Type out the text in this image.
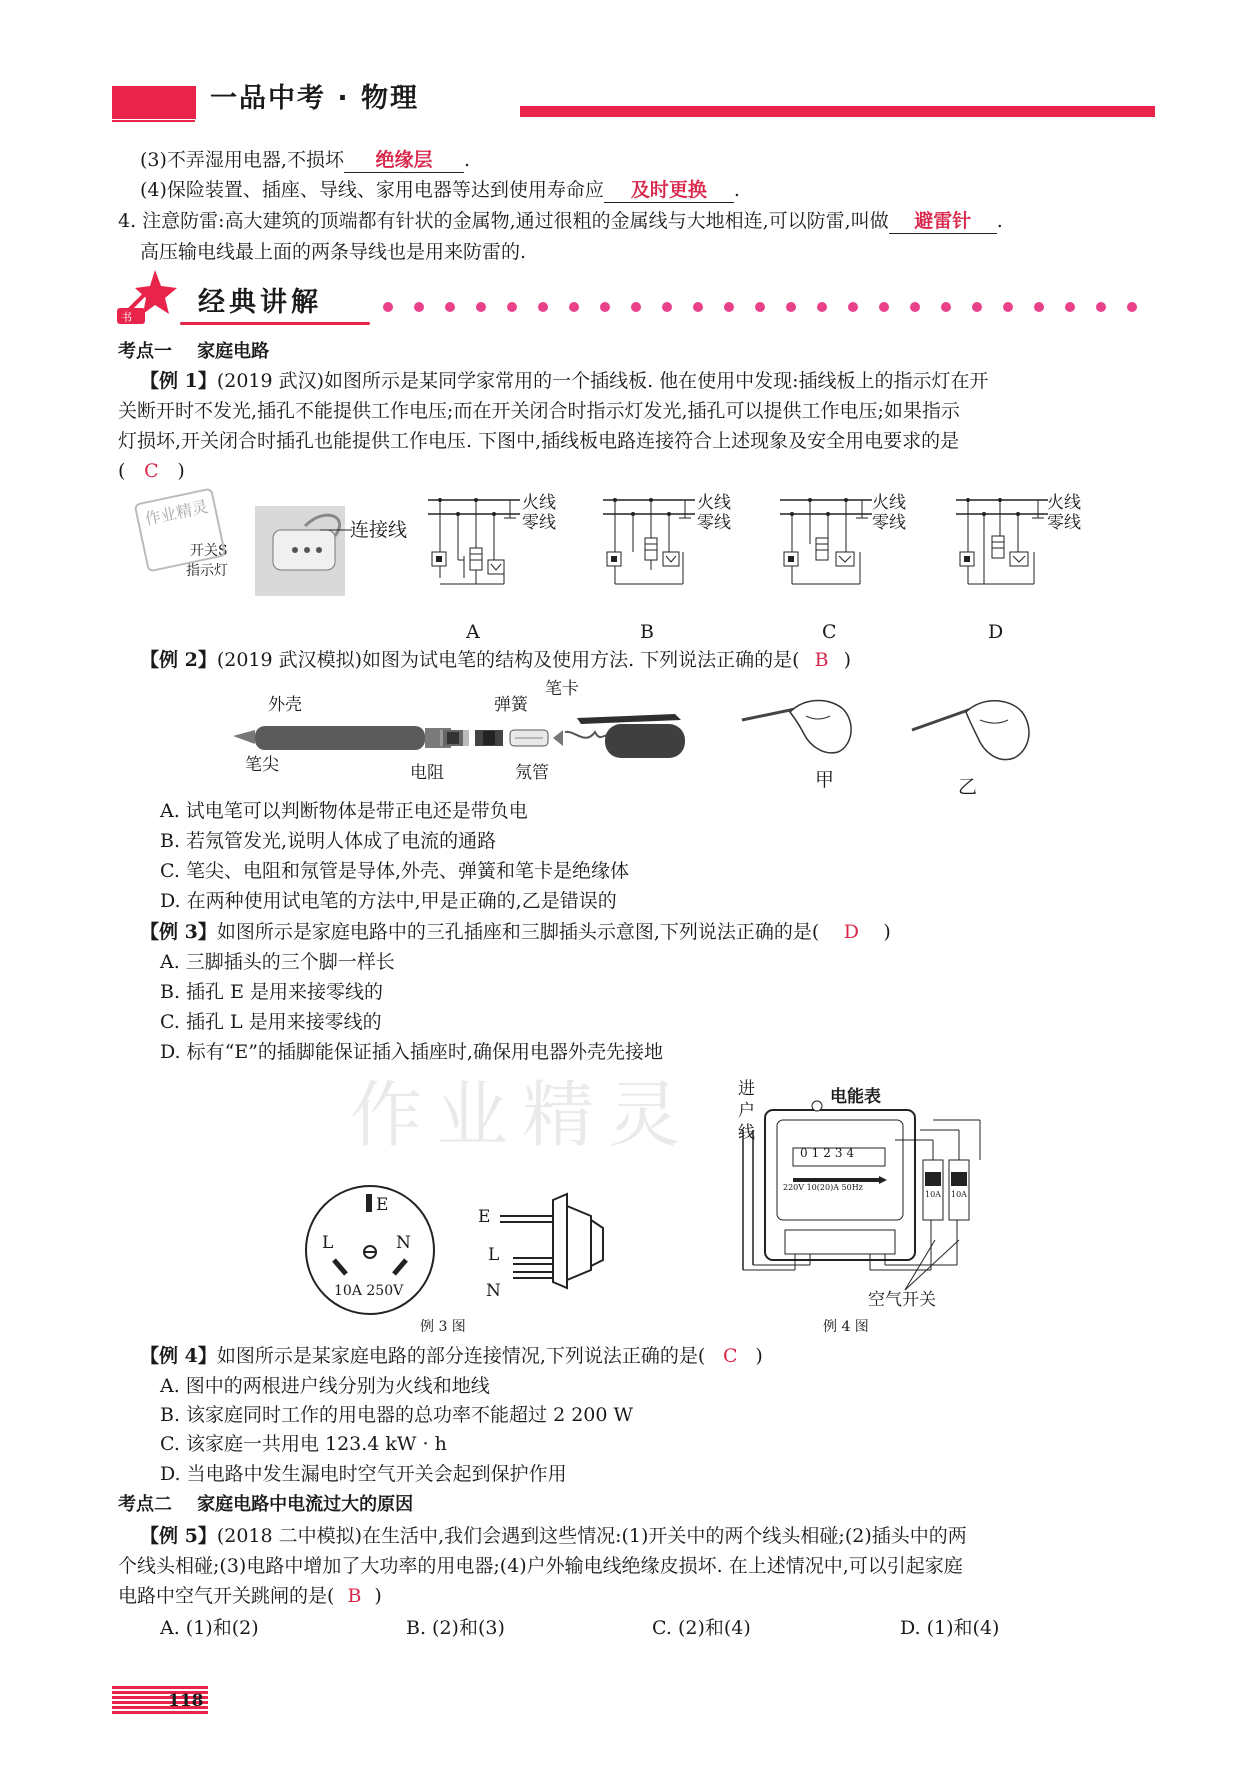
一品中考 · 物理
(3)不弄湿用电器,不损坏 绝缘层 .
(4)保险装置、插座、导线、家用电器等达到使用寿命应 及时更换 .
4. 注意防雷:高大建筑的顶端都有针状的金属物,通过很粗的金属线与大地相连,可以防雷,叫做 避雷针 .
高压输电线最上面的两条导线也是用来防雷的.
书 经典讲解
考点一    家庭电路
【例 1】(2019 武汉)如图所示是某同学家常用的一个插线板. 他在使用中发现:插线板上的指示灯在开
关断开时不发光,插孔不能提供工作电压;而在开关闭合时指示灯发光,插孔可以提供工作电压;如果指示
灯损坏,开关闭合时插孔也能提供工作电压. 下图中,插线板电路连接符合上述现象及安全用电要求的是
( C )
连接线
开关S
指示灯
作业精灵	火线
零线
火线
零线
火线
零线
火线
零线
A	B	C	D
【例 2】(2019 武汉模拟)如图为试电笔的结构及使用方法. 下列说法正确的是( B )
外壳	弹簧
笔卡
笔尖	电阻	氖管	甲	乙
A. 试电笔可以判断物体是带正电还是带负电
B. 若氖管发光,说明人体成了电流的通路
C. 笔尖、电阻和氖管是导体,外壳、弹簧和笔卡是绝缘体
D. 在两种使用试电笔的方法中,甲是正确的,乙是错误的
【例 3】如图所示是家庭电路中的三孔插座和三脚插头示意图,下列说法正确的是( D )
A. 三脚插头的三个脚一样长
B. 插孔 E 是用来接零线的
C. 插孔 L 是用来接零线的
D. 标有“E”的插脚能保证插入插座时,确保用电器外壳先接地
作业精灵
E
L	N
10A 250V
E
L
N
例 3 图
进户线
电能表
01234
220V 10(20)A 50Hz
10A 10A
空气开关
例 4 图
【例 4】如图所示是某家庭电路的部分连接情况,下列说法正确的是( C )
A. 图中的两根进户线分别为火线和地线
B. 该家庭同时工作的用电器的总功率不能超过 2 200 W
C. 该家庭一共用电 123.4 kW · h
D. 当电路中发生漏电时空气开关会起到保护作用
考点二    家庭电路中电流过大的原因
【例 5】(2018 二中模拟)在生活中,我们会遇到这些情况:(1)开关中的两个线头相碰;(2)插头中的两
个线头相碰;(3)电路中增加了大功率的用电器;(4)户外输电线绝缘皮损坏. 在上述情况中,可以引起家庭
电路中空气开关跳闸的是( B )
A. (1)和(2)	B. (2)和(3)	C. (2)和(4)	D. (1)和(4)
118
